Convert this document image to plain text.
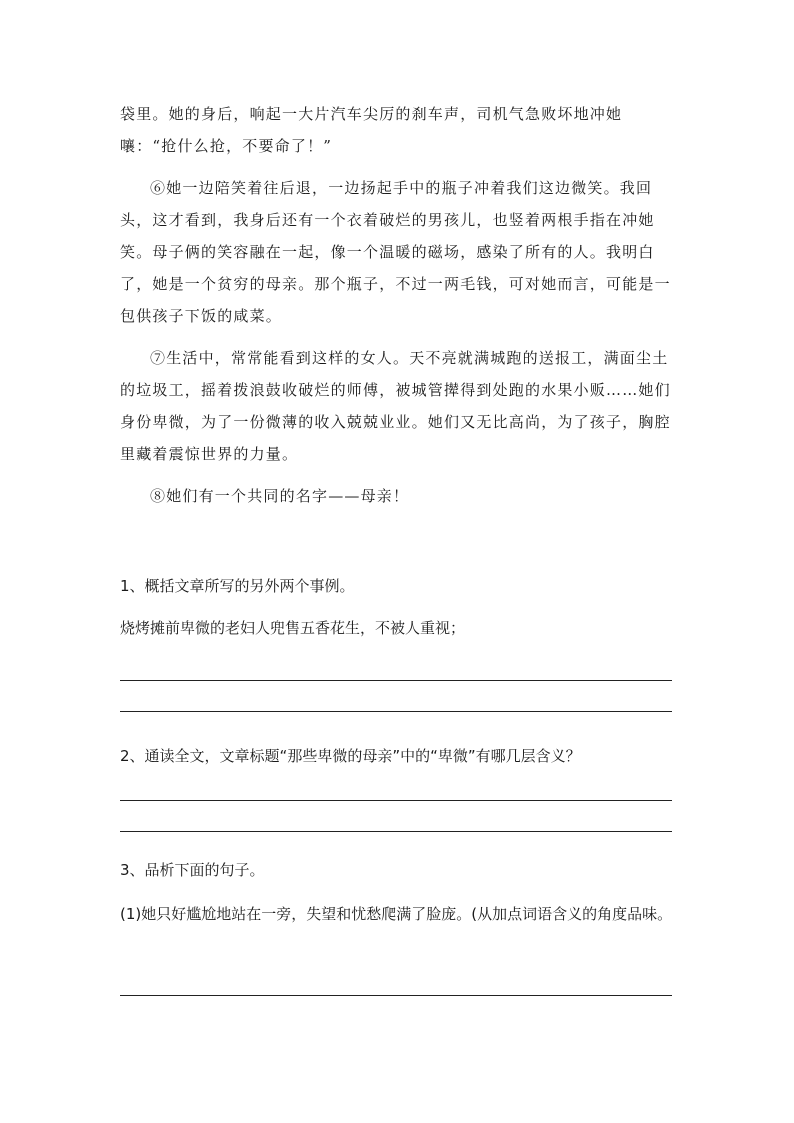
袋里。她的身后，响起一大片汽车尖厉的刹车声，司机气急败坏地冲她嚷：“抢什么抢，不要命了！”

⑥她一边陪笑着往后退，一边扬起手中的瓶子冲着我们这边微笑。我回头，这才看到，我身后还有一个衣着破烂的男孩儿，也竖着两根手指在冲她笑。母子俩的笑容融在一起，像一个温暖的磁场，感染了所有的人。我明白了，她是一个贫穷的母亲。那个瓶子，不过一两毛钱，可对她而言，可能是一包供孩子下饭的咸菜。

⑦生活中，常常能看到这样的女人。天不亮就满城跑的送报工，满面尘土的垃圾工，摇着拨浪鼓收破烂的师傅，被城管撵得到处跑的水果小贩……她们身份卑微，为了一份微薄的收入兢兢业业。她们又无比高尚，为了孩子，胸腔里藏着震惊世界的力量。

⑧她们有一个共同的名字——母亲！

1、概括文章所写的另外两个事例。

烧烤摊前卑微的老妇人兜售五香花生，不被人重视；

2、通读全文，文章标题“那些卑微的母亲”中的“卑微”有哪几层含义？

3、品析下面的句子。

(1)她只好尴尬地站在一旁，失望和忧愁爬满了脸庞。(从加点词语含义的角度品味。
